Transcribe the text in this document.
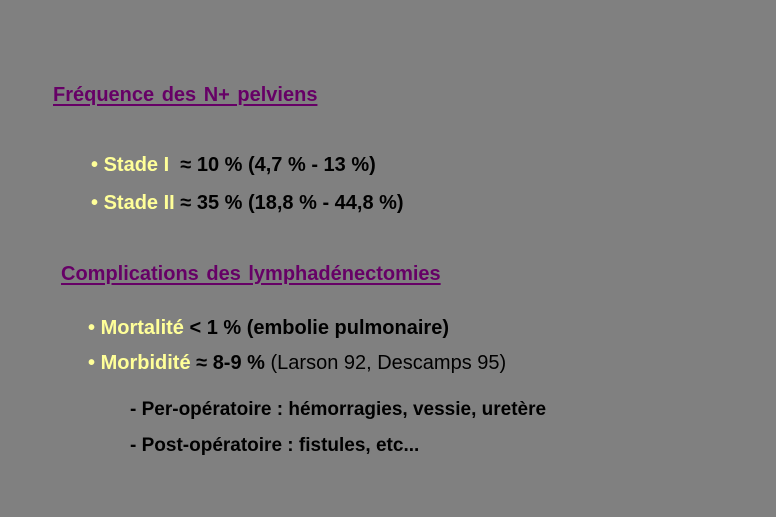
Fréquence des N+ pelviens
• Stade I ≈ 10 % (4,7 % - 13 %)
• Stade II ≈ 35 % (18,8 % - 44,8 %)
Complications des lymphadénectomies
• Mortalité < 1 % (embolie pulmonaire)
• Morbidité ≈ 8-9 % (Larson 92, Descamps 95)
- Per-opératoire : hémorragies, vessie, uretère
- Post-opératoire : fistules, etc...
